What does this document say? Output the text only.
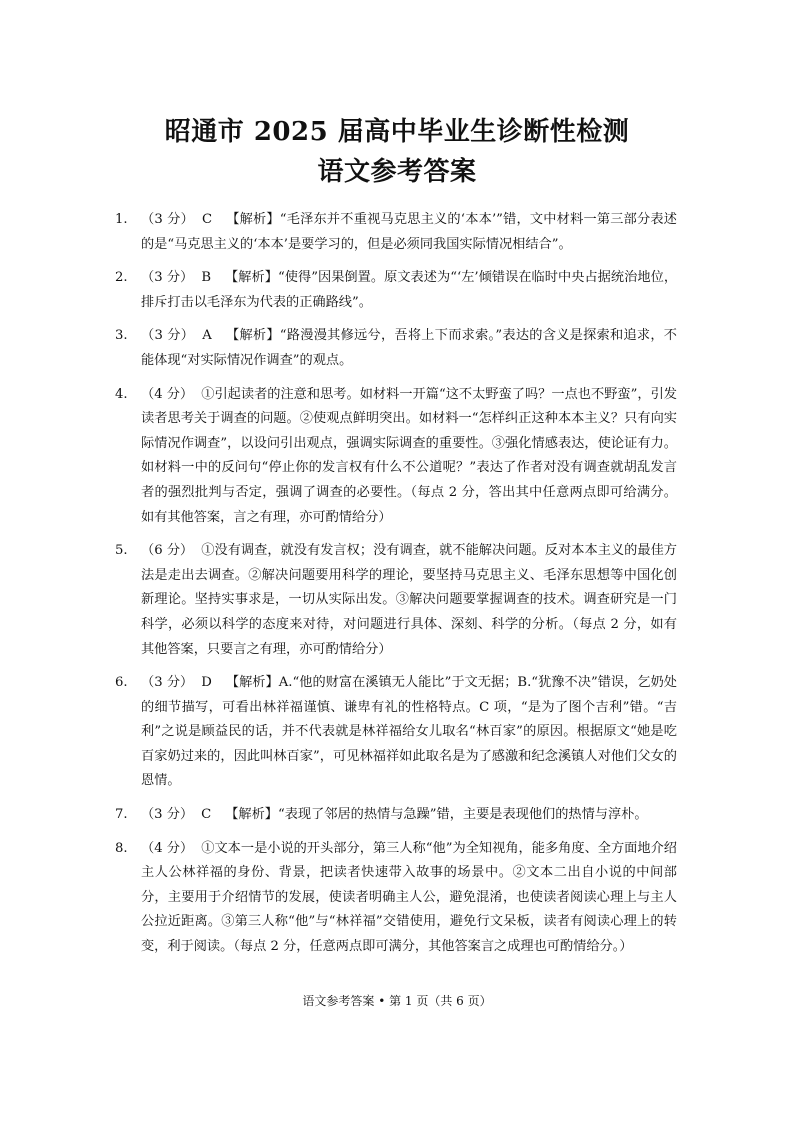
昭通市 2025 届高中毕业生诊断性检测
语文参考答案
1.	（3 分） C 【解析】“毛泽东并不重视马克思主义的‘本本’”错，文中材料一第三部分表述的是“马克思主义的‘本本’是要学习的，但是必须同我国实际情况相结合”。
2.	（3 分） B 【解析】“使得”因果倒置。原文表述为“‘左’倾错误在临时中央占据统治地位，排斥打击以毛泽东为代表的正确路线”。
3.	（3 分） A 【解析】“路漫漫其修远兮，吾将上下而求索。”表达的含义是探索和追求，不能体现“对实际情况作调查”的观点。
4.	（4 分） ①引起读者的注意和思考。如材料一开篇“这不太野蛮了吗？一点也不野蛮”，引发读者思考关于调查的问题。②使观点鲜明突出。如材料一“怎样纠正这种本本主义？只有向实际情况作调查”，以设问引出观点，强调实际调查的重要性。③强化情感表达，使论证有力。如材料一中的反问句“停止你的发言权有什么不公道呢？”表达了作者对没有调查就胡乱发言者的强烈批判与否定，强调了调查的必要性。（每点 2 分，答出其中任意两点即可给满分。如有其他答案，言之有理，亦可酌情给分）
5.	（6 分） ①没有调查，就没有发言权；没有调查，就不能解决问题。反对本本主义的最佳方法是走出去调查。②解决问题要用科学的理论，要坚持马克思主义、毛泽东思想等中国化创新理论。坚持实事求是，一切从实际出发。③解决问题要掌握调查的技术。调查研究是一门科学，必须以科学的态度来对待，对问题进行具体、深刻、科学的分析。（每点 2 分，如有其他答案，只要言之有理，亦可酌情给分）
6.	（3 分） D 【解析】A.“他的财富在溪镇无人能比”于文无据；B.“犹豫不决”错误，乞奶处的细节描写，可看出林祥福谨慎、谦卑有礼的性格特点。C 项，“是为了图个吉利”错。“吉利”之说是顾益民的话，并不代表就是林祥福给女儿取名“林百家”的原因。根据原文“她是吃百家奶过来的，因此叫林百家”，可见林福祥如此取名是为了感激和纪念溪镇人对他们父女的恩情。
7.	（3 分） C 【解析】“表现了邻居的热情与急躁”错，主要是表现他们的热情与淳朴。
8.	（4 分） ①文本一是小说的开头部分，第三人称“他”为全知视角，能多角度、全方面地介绍主人公林祥福的身份、背景，把读者快速带入故事的场景中。②文本二出自小说的中间部分，主要用于介绍情节的发展，使读者明确主人公，避免混淆，也使读者阅读心理上与主人公拉近距离。③第三人称“他”与“林祥福”交错使用，避免行文呆板，读者有阅读心理上的转变，利于阅读。（每点 2 分，任意两点即可满分，其他答案言之成理也可酌情给分。）
语文参考答案 • 第 1 页（共 6 页）
